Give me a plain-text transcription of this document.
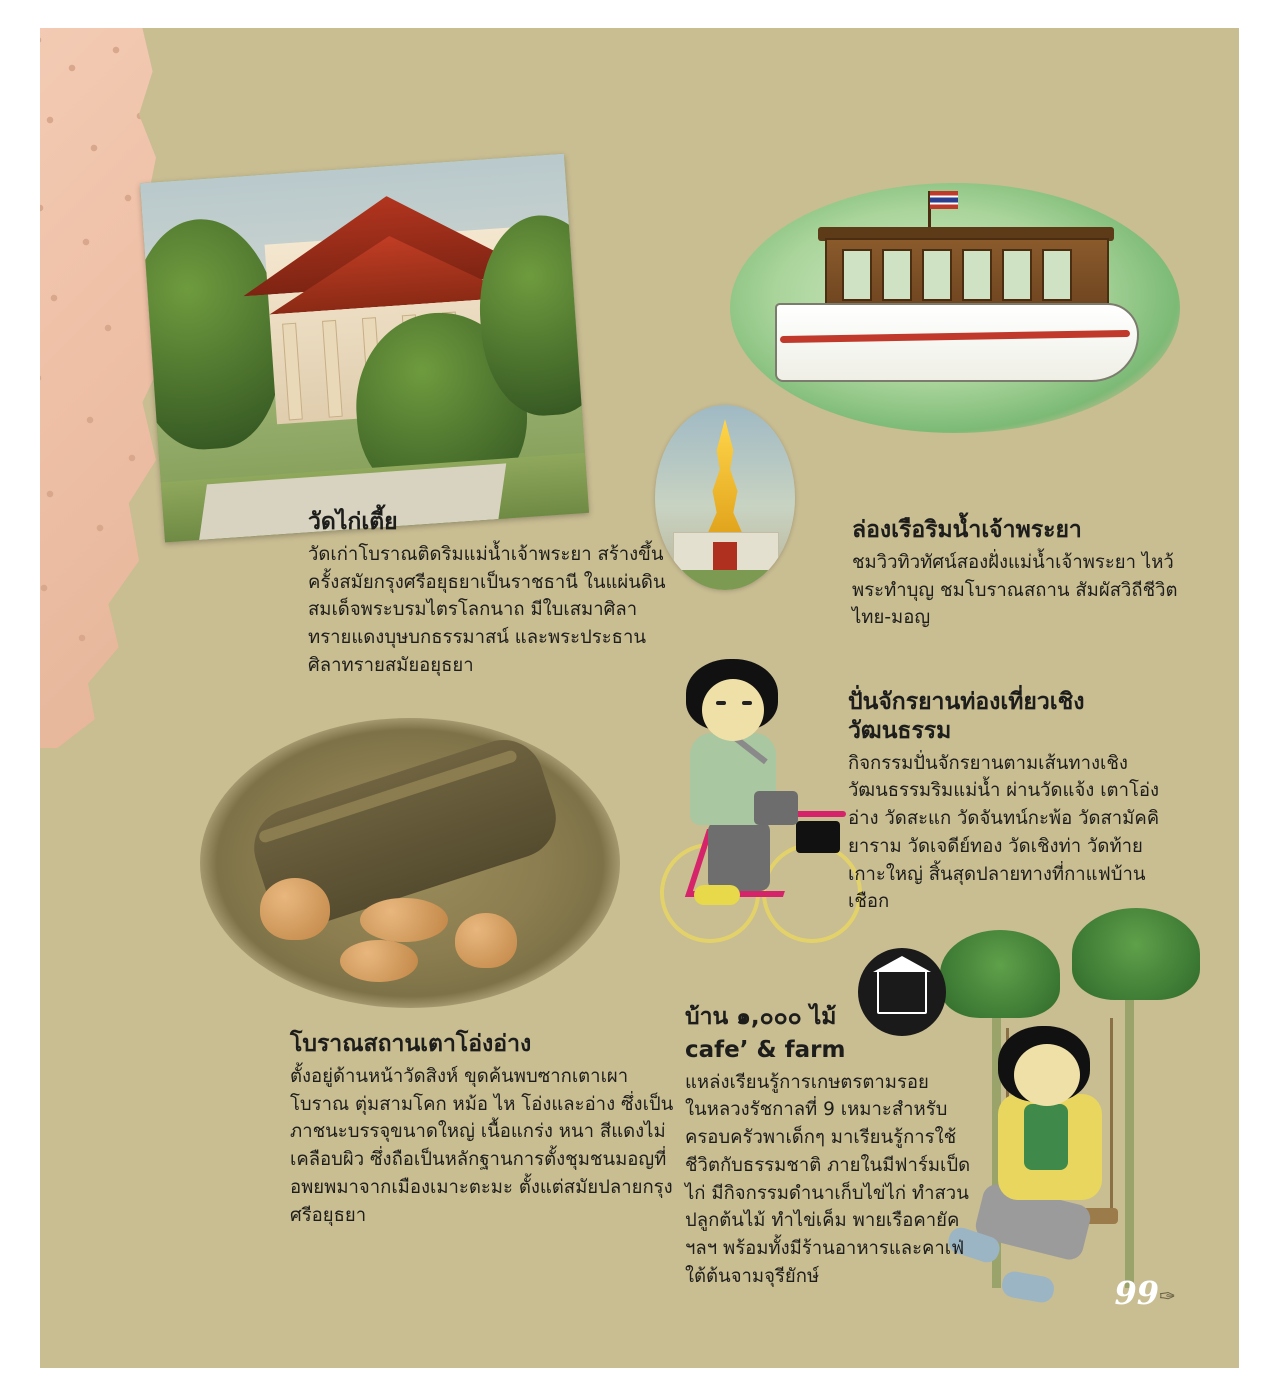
วัดไก่เตี้ย

วัดเก่าโบราณติดริมแม่น้ำเจ้าพระยา สร้างขึ้นครั้งสมัยกรุงศรีอยุธยาเป็นราชธานี ในแผ่นดินสมเด็จพระบรมไตรโลกนาถ มีใบเสมาศิลาทรายแดงบุษบกธรรมาสน์ และพระประธานศิลาทรายสมัยอยุธยา

ล่องเรือริมน้ำเจ้าพระยา

ชมวิวทิวทัศน์สองฝั่งแม่น้ำเจ้าพระยา ไหว้พระทำบุญ ชมโบราณสถาน สัมผัสวิถีชีวิตไทย-มอญ

ปั่นจักรยานท่องเที่ยวเชิงวัฒนธรรม

กิจกรรมปั่นจักรยานตามเส้นทางเชิงวัฒนธรรมริมแม่น้ำ ผ่านวัดแจ้ง เตาโอ่งอ่าง วัดสะแก วัดจันทน์กะพ้อ วัดสามัคคิยาราม วัดเจดีย์ทอง วัดเชิงท่า วัดท้ายเกาะใหญ่ สิ้นสุดปลายทางที่กาแฟบ้านเชือก

โบราณสถานเตาโอ่งอ่าง

ตั้งอยู่ด้านหน้าวัดสิงห์ ขุดค้นพบซากเตาเผาโบราณ ตุ่มสามโคก หม้อ ไห โอ่งและอ่าง ซึ่งเป็นภาชนะบรรจุขนาดใหญ่ เนื้อแกร่ง หนา สีแดงไม่เคลือบผิว ซึ่งถือเป็นหลักฐานการตั้งชุมชนมอญที่อพยพมาจากเมืองเมาะตะมะ ตั้งแต่สมัยปลายกรุงศรีอยุธยา

บ้าน ๑,๐๐๐ ไม้
cafe’ & farm

แหล่งเรียนรู้การเกษตรตามรอยในหลวงรัชกาลที่ 9 เหมาะสำหรับครอบครัวพาเด็กๆ มาเรียนรู้การใช้ชีวิตกับธรรมชาติ ภายในมีฟาร์มเป็ด ไก่ มีกิจกรรมดำนาเก็บไข่ไก่ ทำสวนปลูกต้นไม้ ทำไข่เค็ม พายเรือคายัค ฯลฯ พร้อมทั้งมีร้านอาหารและคาเฟ่ใต้ต้นจามจุรียักษ์	99 ✑
